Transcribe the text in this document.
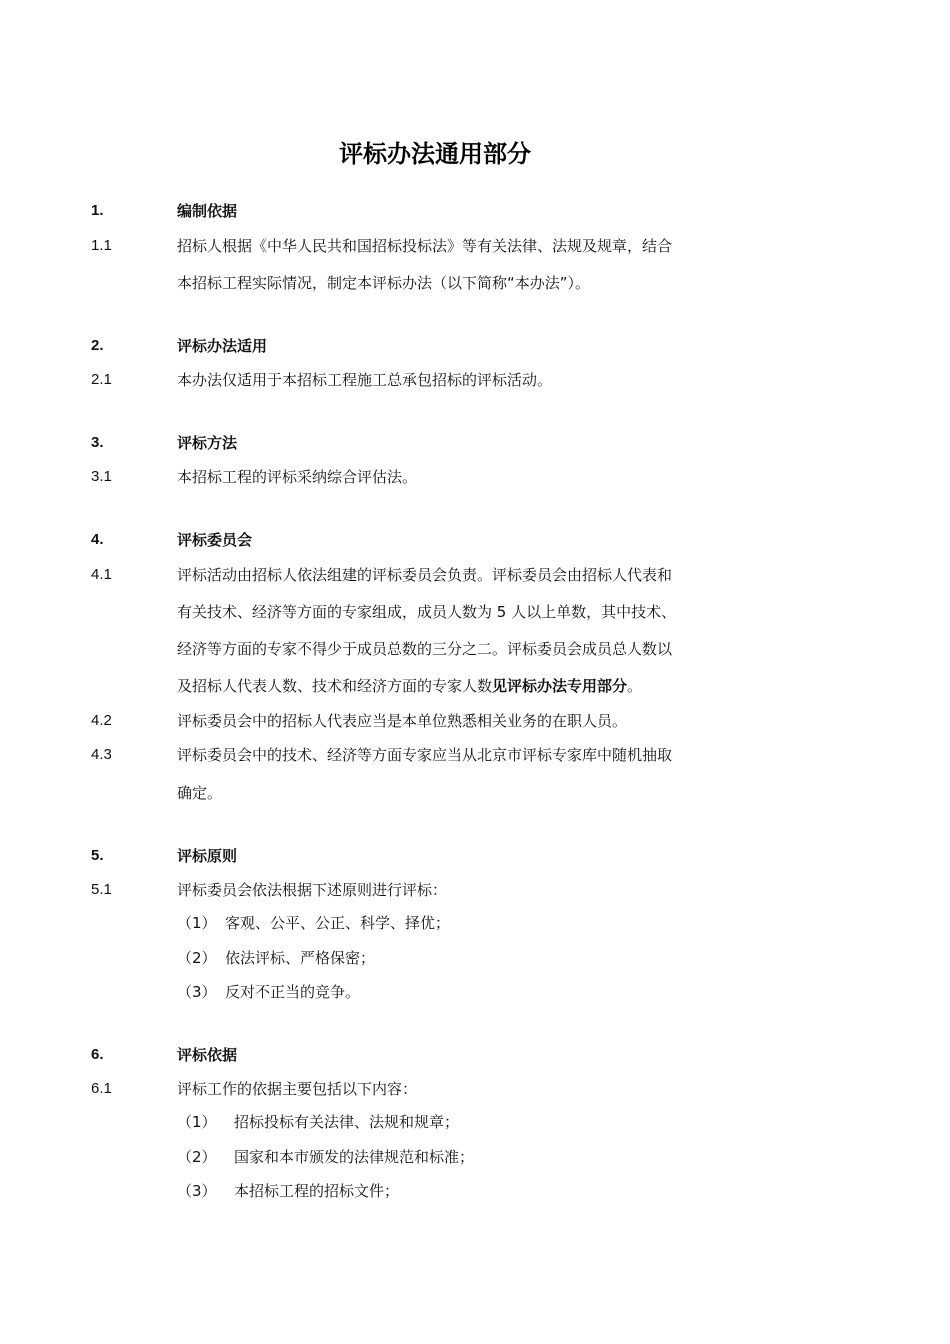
评标办法通用部分
1.	编制依据
1.1	招标人根据《中华人民共和国招标投标法》等有关法律、法规及规章，结合
本招标工程实际情况，制定本评标办法（以下简称“本办法”）。
2.	评标办法适用
2.1	本办法仅适用于本招标工程施工总承包招标的评标活动。
3.	评标方法
3.1	本招标工程的评标采纳综合评估法。
4.	评标委员会
4.1	评标活动由招标人依法组建的评标委员会负责。评标委员会由招标人代表和
有关技术、经济等方面的专家组成，成员人数为 5 人以上单数，其中技术、
经济等方面的专家不得少于成员总数的三分之二。评标委员会成员总人数以
及招标人代表人数、技术和经济方面的专家人数见评标办法专用部分。
4.2	评标委员会中的招标人代表应当是本单位熟悉相关业务的在职人员。
4.3	评标委员会中的技术、经济等方面专家应当从北京市评标专家库中随机抽取
确定。
5.	评标原则
5.1	评标委员会依法根据下述原则进行评标：
（1） 客观、公平、公正、科学、择优；
（2） 依法评标、严格保密；
（3） 反对不正当的竞争。
6.	评标依据
6.1	评标工作的依据主要包括以下内容：
（1） 招标投标有关法律、法规和规章；
（2） 国家和本市颁发的法律规范和标准；
（3） 本招标工程的招标文件；
